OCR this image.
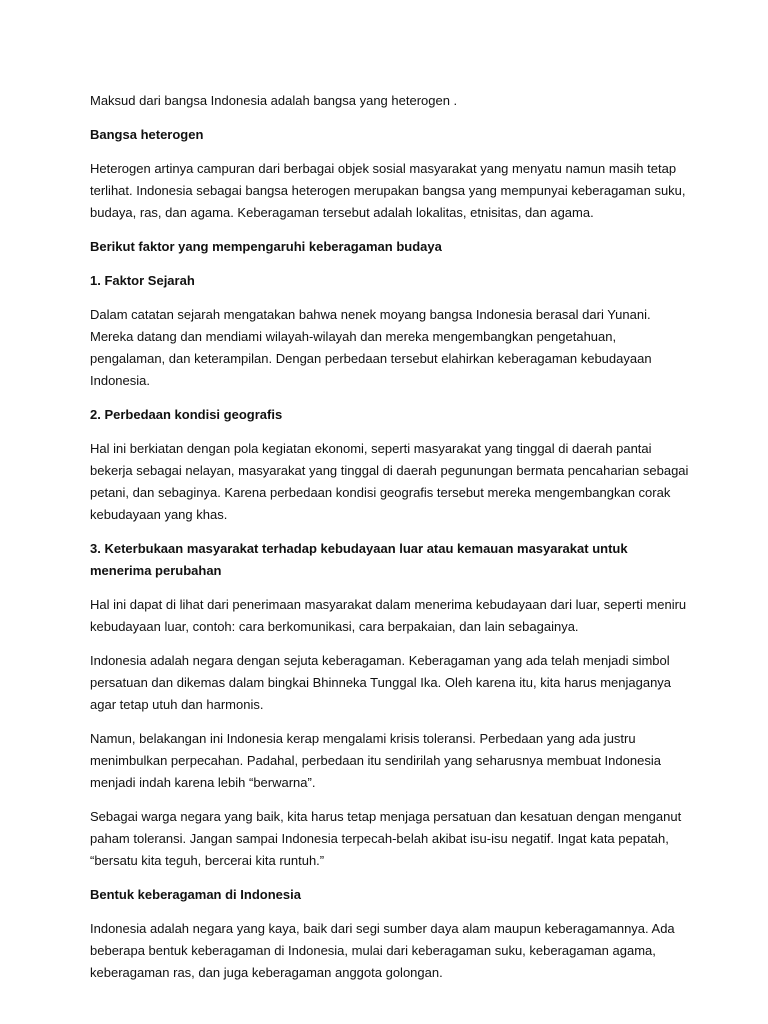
Maksud dari bangsa Indonesia adalah bangsa yang heterogen .

Bangsa heterogen

Heterogen artinya campuran dari berbagai objek sosial masyarakat yang menyatu namun masih tetap terlihat. Indonesia sebagai bangsa heterogen merupakan bangsa yang mempunyai keberagaman suku, budaya, ras, dan agama. Keberagaman tersebut adalah lokalitas, etnisitas, dan agama.

Berikut faktor yang mempengaruhi keberagaman budaya

1. Faktor Sejarah

Dalam catatan sejarah mengatakan bahwa nenek moyang bangsa Indonesia berasal dari Yunani. Mereka datang dan mendiami wilayah-wilayah dan mereka mengembangkan pengetahuan, pengalaman, dan keterampilan. Dengan perbedaan tersebut elahirkan keberagaman kebudayaan Indonesia.

2. Perbedaan kondisi geografis

Hal ini berkiatan dengan pola kegiatan ekonomi, seperti masyarakat yang tinggal di daerah pantai bekerja sebagai nelayan, masyarakat yang tinggal di daerah pegunungan bermata pencaharian sebagai petani, dan sebaginya. Karena perbedaan kondisi geografis tersebut mereka mengembangkan corak kebudayaan yang khas.

3. Keterbukaan masyarakat terhadap kebudayaan luar atau kemauan masyarakat untuk menerima perubahan

Hal ini dapat di lihat dari penerimaan masyarakat dalam menerima kebudayaan dari luar, seperti meniru kebudayaan luar, contoh: cara berkomunikasi, cara berpakaian, dan lain sebagainya.

Indonesia adalah negara dengan sejuta keberagaman. Keberagaman yang ada telah menjadi simbol persatuan dan dikemas dalam bingkai Bhinneka Tunggal Ika. Oleh karena itu, kita harus menjaganya agar tetap utuh dan harmonis.

Namun, belakangan ini Indonesia kerap mengalami krisis toleransi. Perbedaan yang ada justru menimbulkan perpecahan. Padahal, perbedaan itu sendirilah yang seharusnya membuat Indonesia menjadi indah karena lebih “berwarna”.

Sebagai warga negara yang baik, kita harus tetap menjaga persatuan dan kesatuan dengan menganut paham toleransi. Jangan sampai Indonesia terpecah-belah akibat isu-isu negatif. Ingat kata pepatah, “bersatu kita teguh, bercerai kita runtuh.”

Bentuk keberagaman di Indonesia

Indonesia adalah negara yang kaya, baik dari segi sumber daya alam maupun keberagamannya. Ada beberapa bentuk keberagaman di Indonesia, mulai dari keberagaman suku, keberagaman agama, keberagaman ras, dan juga keberagaman anggota golongan.
